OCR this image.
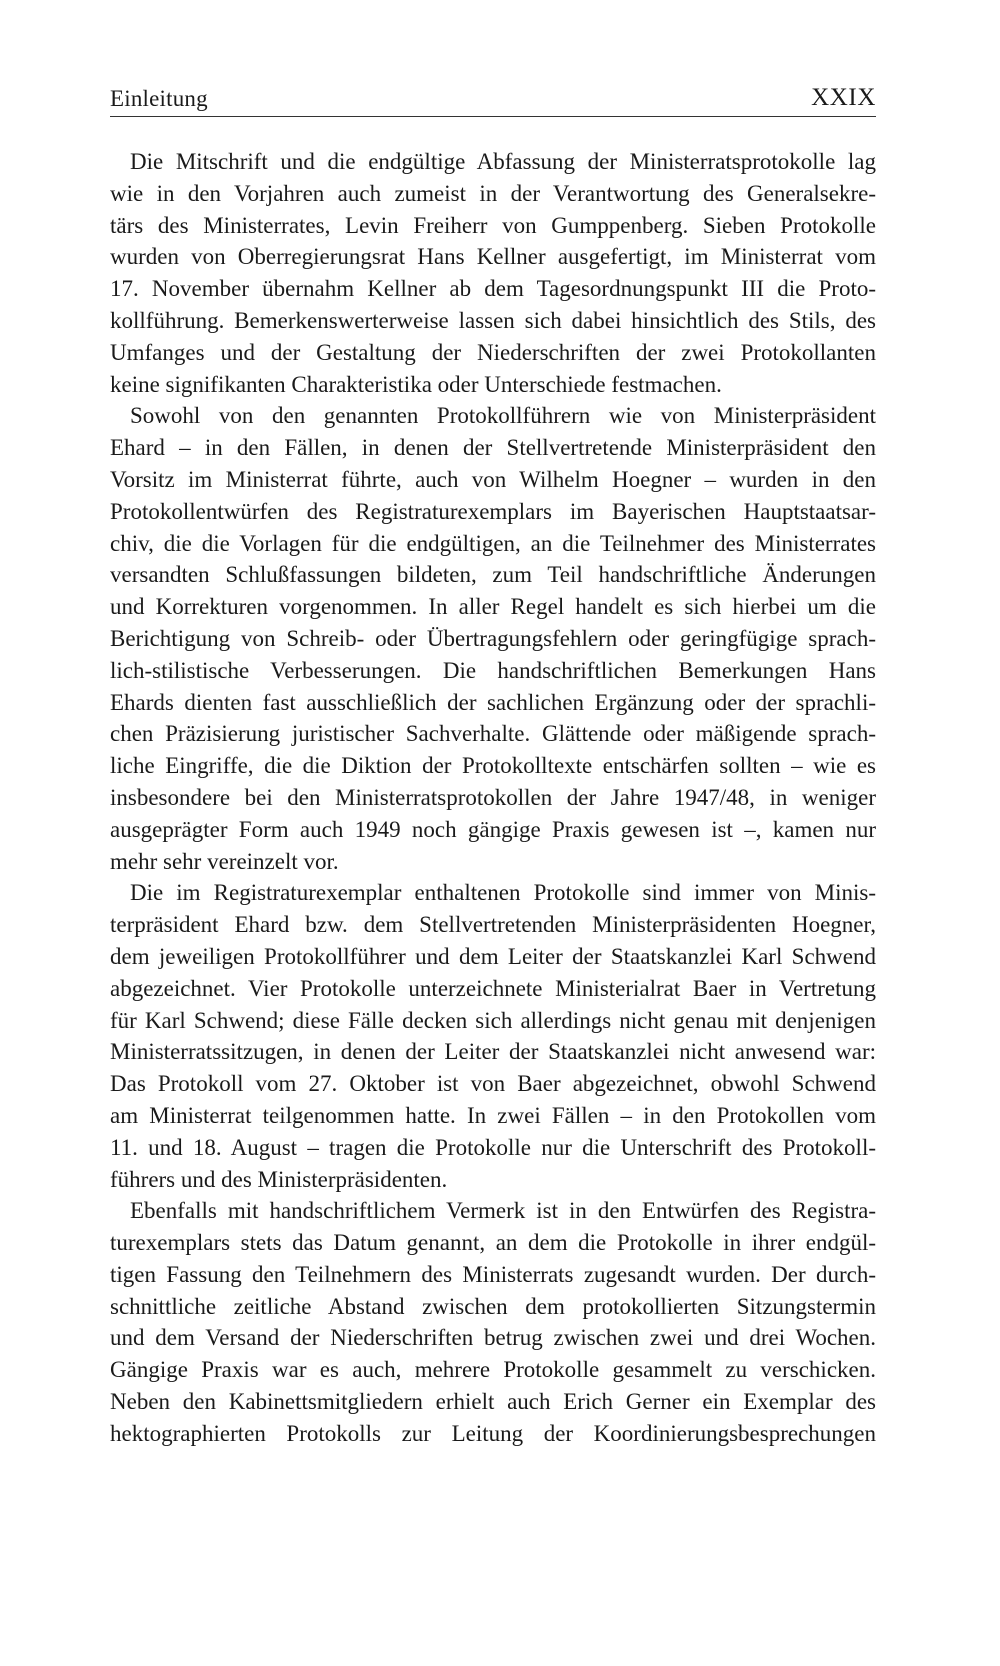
Einleitung	XXIX
Die Mitschrift und die endgültige Abfassung der Ministerratsprotokolle lag
wie in den Vorjahren auch zumeist in der Verantwortung des Generalsekre-
tärs des Ministerrates, Levin Freiherr von Gumppenberg. Sieben Protokolle
wurden von Oberregierungsrat Hans Kellner ausgefertigt, im Ministerrat vom
17. November übernahm Kellner ab dem Tagesordnungspunkt III die Proto-
kollführung. Bemerkenswerterweise lassen sich dabei hinsichtlich des Stils, des
Umfanges und der Gestaltung der Niederschriften der zwei Protokollanten
keine signifikanten Charakteristika oder Unterschiede festmachen.
Sowohl von den genannten Protokollführern wie von Ministerpräsident
Ehard – in den Fällen, in denen der Stellvertretende Ministerpräsident den
Vorsitz im Ministerrat führte, auch von Wilhelm Hoegner – wurden in den
Protokollentwürfen des Registraturexemplars im Bayerischen Hauptstaatsar-
chiv, die die Vorlagen für die endgültigen, an die Teilnehmer des Ministerrates
versandten Schlußfassungen bildeten, zum Teil handschriftliche Änderungen
und Korrekturen vorgenommen. In aller Regel handelt es sich hierbei um die
Berichtigung von Schreib- oder Übertragungsfehlern oder geringfügige sprach-
lich-stilistische Verbesserungen. Die handschriftlichen Bemerkungen Hans
Ehards dienten fast ausschließlich der sachlichen Ergänzung oder der sprachli-
chen Präzisierung juristischer Sachverhalte. Glättende oder mäßigende sprach-
liche Eingriffe, die die Diktion der Protokolltexte entschärfen sollten – wie es
insbesondere bei den Ministerratsprotokollen der Jahre 1947/48, in weniger
ausgeprägter Form auch 1949 noch gängige Praxis gewesen ist –, kamen nur
mehr sehr vereinzelt vor.
Die im Registraturexemplar enthaltenen Protokolle sind immer von Minis-
terpräsident Ehard bzw. dem Stellvertretenden Ministerpräsidenten Hoegner,
dem jeweiligen Protokollführer und dem Leiter der Staatskanzlei Karl Schwend
abgezeichnet. Vier Protokolle unterzeichnete Ministerialrat Baer in Vertretung
für Karl Schwend; diese Fälle decken sich allerdings nicht genau mit denjenigen
Ministerratssitzugen, in denen der Leiter der Staatskanzlei nicht anwesend war:
Das Protokoll vom 27. Oktober ist von Baer abgezeichnet, obwohl Schwend
am Ministerrat teilgenommen hatte. In zwei Fällen – in den Protokollen vom
11. und 18. August – tragen die Protokolle nur die Unterschrift des Protokoll-
führers und des Ministerpräsidenten.
Ebenfalls mit handschriftlichem Vermerk ist in den Entwürfen des Registra-
turexemplars stets das Datum genannt, an dem die Protokolle in ihrer endgül-
tigen Fassung den Teilnehmern des Ministerrats zugesandt wurden. Der durch-
schnittliche zeitliche Abstand zwischen dem protokollierten Sitzungstermin
und dem Versand der Niederschriften betrug zwischen zwei und drei Wochen.
Gängige Praxis war es auch, mehrere Protokolle gesammelt zu verschicken.
Neben den Kabinettsmitgliedern erhielt auch Erich Gerner ein Exemplar des
hektographierten Protokolls zur Leitung der Koordinierungsbesprechungen
